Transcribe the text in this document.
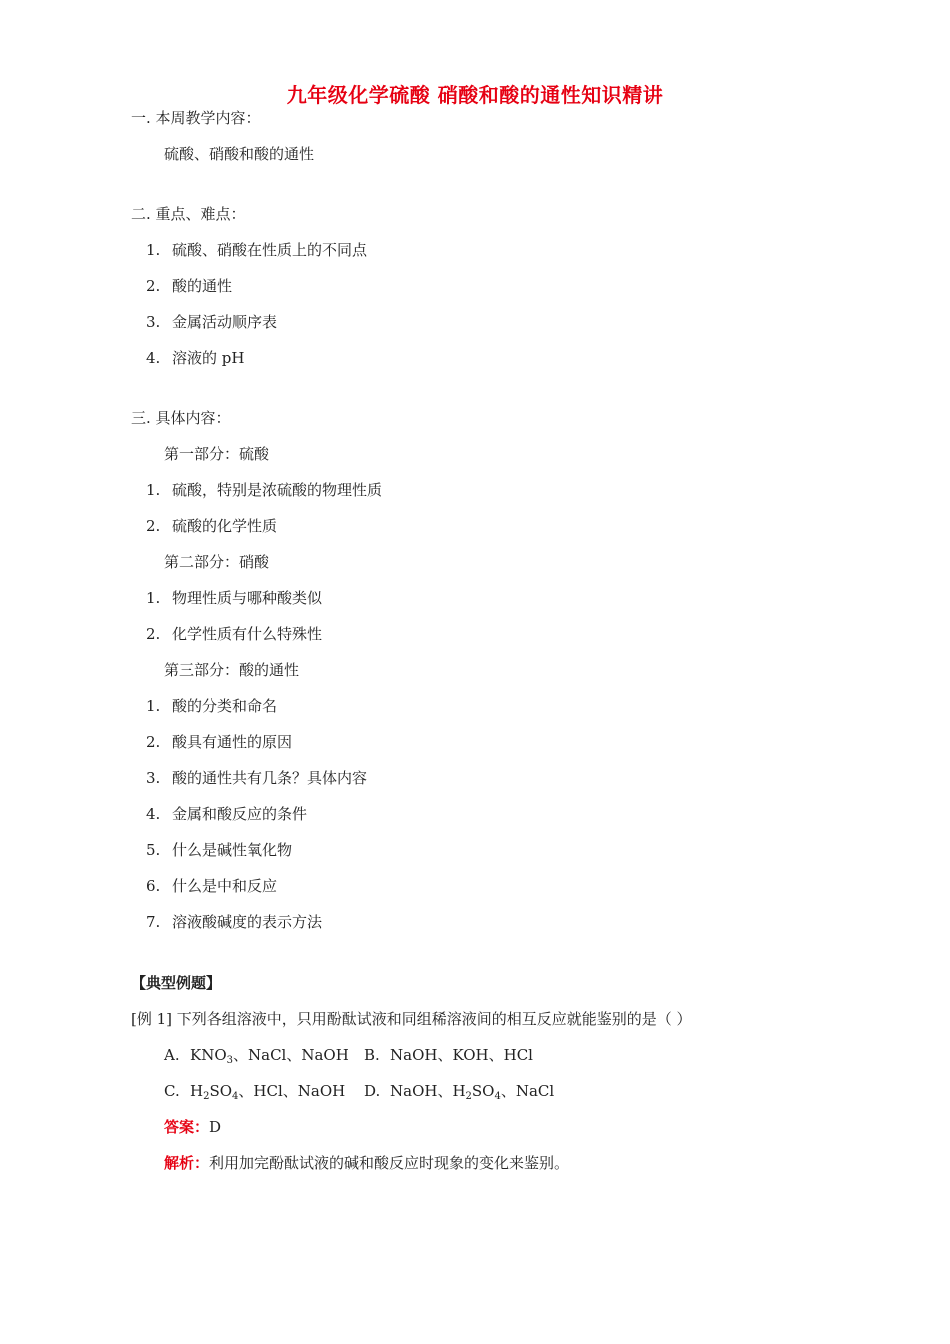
九年级化学硫酸 硝酸和酸的通性知识精讲
一. 本周教学内容：
硫酸、硝酸和酸的通性
二. 重点、难点：
1. 硫酸、硝酸在性质上的不同点
2. 酸的通性
3. 金属活动顺序表
4. 溶液的 pH
三. 具体内容：
第一部分：硫酸
1. 硫酸，特别是浓硫酸的物理性质
2. 硫酸的化学性质
第二部分：硝酸
1. 物理性质与哪种酸类似
2. 化学性质有什么特殊性
第三部分：酸的通性
1. 酸的分类和命名
2. 酸具有通性的原因
3. 酸的通性共有几条？具体内容
4. 金属和酸反应的条件
5. 什么是碱性氧化物
6. 什么是中和反应
7. 溶液酸碱度的表示方法
【典型例题】
[例 1] 下列各组溶液中，只用酚酞试液和同组稀溶液间的相互反应就能鉴别的是（ ）
A. $KNO_3$、NaCl、NaOH B. NaOH、KOH、HCl
C. $H_2SO_4$、HCl、NaOH D. NaOH、$H_2SO_4$、NaCl
答案：D
解析：利用加完酚酞试液的碱和酸反应时现象的变化来鉴别。
